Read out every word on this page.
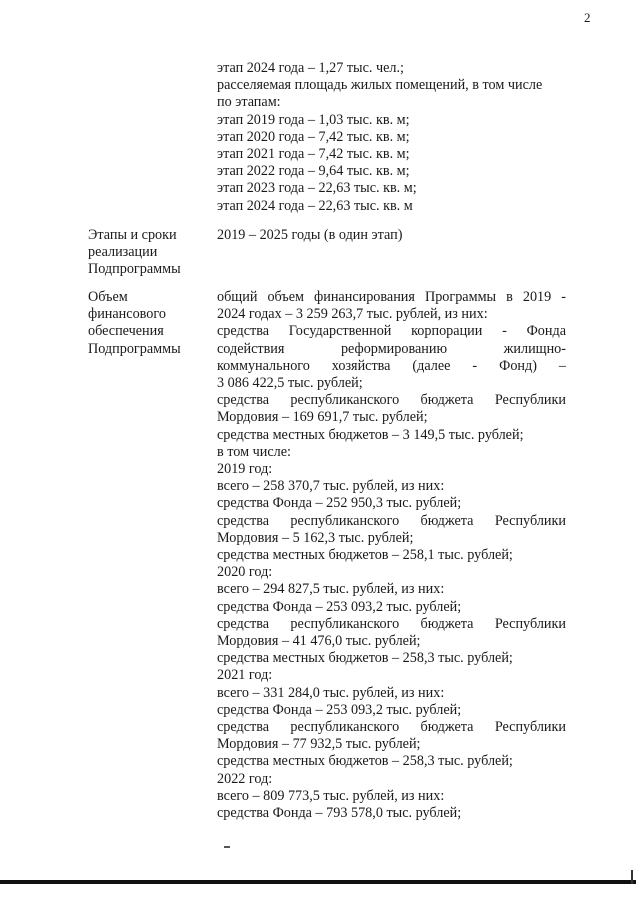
2
этап 2024 года – 1,27 тыс. чел.;
расселяемая площадь жилых помещений, в том числе
по этапам:
этап 2019 года – 1,03 тыс. кв. м;
этап 2020 года – 7,42 тыс. кв. м;
этап 2021 года – 7,42 тыс. кв. м;
этап 2022 года – 9,64 тыс. кв. м;
этап 2023 года – 22,63 тыс. кв. м;
этап 2024 года – 22,63 тыс. кв. м
Этапы и сроки
реализации
Подпрограммы
2019 – 2025 годы (в один этап)
Объем
финансового
обеспечения
Подпрограммы
общий объем финансирования Программы в 2019 -
2024 годах – 3 259 263,7 тыс. рублей, из них:
средства Государственной корпорации - Фонда
содействия реформированию жилищно-
коммунального хозяйства (далее - Фонд) –
3 086 422,5 тыс. рублей;
средства республиканского бюджета Республики
Мордовия – 169 691,7 тыс. рублей;
средства местных бюджетов – 3 149,5 тыс. рублей;
в том числе:
2019 год:
всего – 258 370,7 тыс. рублей, из них:
средства Фонда – 252 950,3 тыс. рублей;
средства республиканского бюджета Республики
Мордовия – 5 162,3 тыс. рублей;
средства местных бюджетов – 258,1 тыс. рублей;
2020 год:
всего – 294 827,5 тыс. рублей, из них:
средства Фонда – 253 093,2 тыс. рублей;
средства республиканского бюджета Республики
Мордовия – 41 476,0 тыс. рублей;
средства местных бюджетов – 258,3 тыс. рублей;
2021 год:
всего – 331 284,0 тыс. рублей, из них:
средства Фонда – 253 093,2 тыс. рублей;
средства республиканского бюджета Республики
Мордовия – 77 932,5 тыс. рублей;
средства местных бюджетов – 258,3 тыс. рублей;
2022 год:
всего – 809 773,5 тыс. рублей, из них:
средства Фонда – 793 578,0 тыс. рублей;
